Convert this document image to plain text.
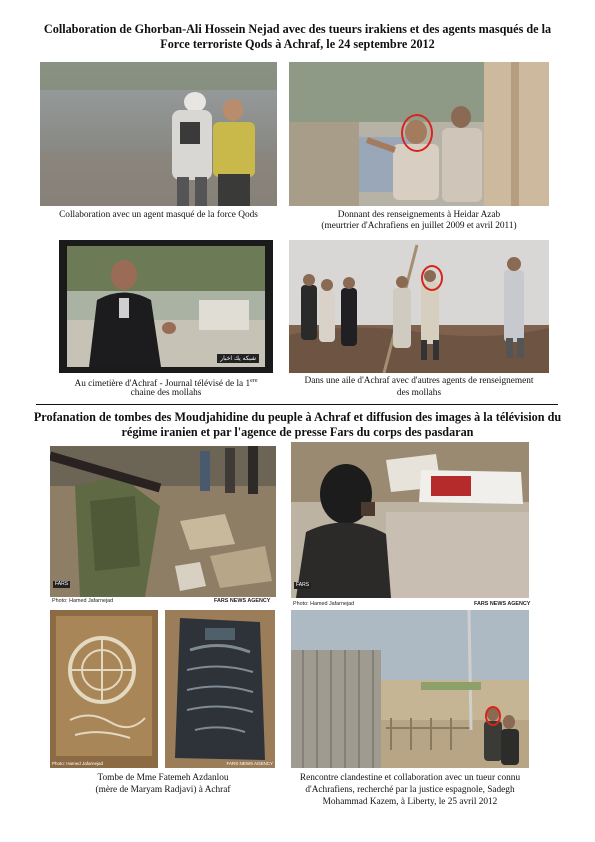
Collaboration de Ghorban-Ali Hossein Nejad avec des tueurs irakiens et des agents masqués de la
Force terroriste Qods à Achraf, le 24 septembre 2012
Collaboration avec un agent masqué de la force Qods	Donnant des renseignements à Heidar Azab
(meurtrier d'Achrafiens en juillet 2009 et avril 2011)
ﺷﺒﻜﻪ ﻳﻚ اﺧﺒﺎر
Au cimetière d'Achraf - Journal télévisé de la 1ere
chaine des mollahs
Dans une aile d'Achraf avec d'autres agents de renseignement
des mollahs
Profanation de tombes des Moudjahidine du peuple à Achraf et diffusion des images à la télévision du
régime iranien et par l'agence de presse Fars du corps des pasdaran
FARS
Photo: Hamed Jafarnejad	FARS NEWS AGENCY
FARS
Photo: Hamed Jafarnejad	FARS NEWS AGENCY
Photo: Hamed Jafarnejad	FARS NEWS AGENCY
Tombe de Mme Fatemeh Azdanlou
(mère de Maryam Radjavi) à Achraf
Rencontre clandestine et collaboration avec un tueur connu
d'Achrafiens, recherché par la justice espagnole, Sadegh
Mohammad Kazem, à Liberty, le 25 avril 2012
